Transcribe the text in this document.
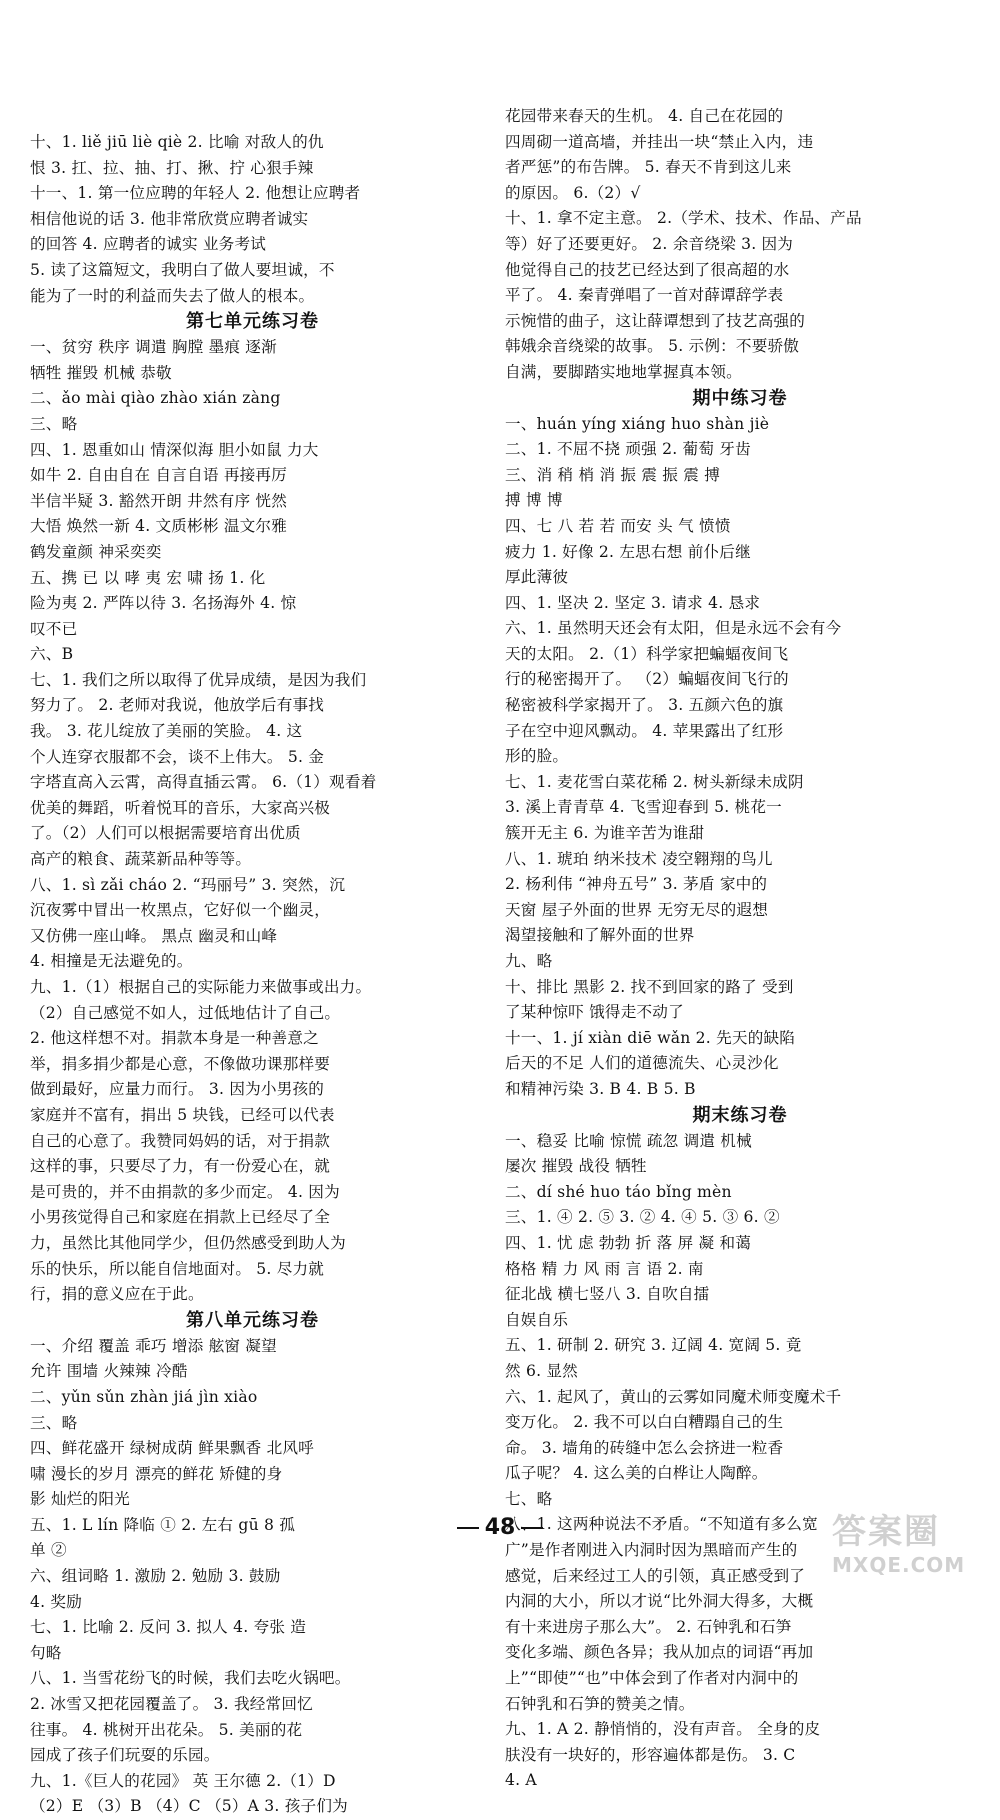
十、1. liě jiū liè qiè 2. 比喻 对敌人的仇
恨 3. 扛、拉、抽、打、揪、拧 心狠手辣
十一、1. 第一位应聘的年轻人 2. 他想让应聘者
相信他说的话 3. 他非常欣赏应聘者诚实
的回答 4. 应聘者的诚实 业务考试
5. 读了这篇短文，我明白了做人要坦诚，不
能为了一时的利益而失去了做人的根本。
第七单元练习卷
一、贫穷 秩序 调遣 胸膛 墨痕 逐渐
牺牲 摧毁 机械 恭敬
二、ǎo mài qiào zhào xián zàng
三、略
四、1. 恩重如山 情深似海 胆小如鼠 力大
如牛 2. 自由自在 自言自语 再接再厉
半信半疑 3. 豁然开朗 井然有序 恍然
大悟 焕然一新 4. 文质彬彬 温文尔雅
鹤发童颜 神采奕奕
五、携 已 以 哮 夷 宏 啸 扬 1. 化
险为夷 2. 严阵以待 3. 名扬海外 4. 惊
叹不已
六、B
七、1. 我们之所以取得了优异成绩，是因为我们
努力了。 2. 老师对我说，他放学后有事找
我。 3. 花儿绽放了美丽的笑脸。 4. 这
个人连穿衣服都不会，谈不上伟大。 5. 金
字塔直高入云霄，高得直插云霄。 6.（1）观看着
优美的舞蹈，听着悦耳的音乐，大家高兴极
了。（2）人们可以根据需要培育出优质
高产的粮食、蔬菜新品种等等。
八、1. sì zǎi cháo 2. “玛丽号” 3. 突然，沉
沉夜雾中冒出一枚黑点，它好似一个幽灵，
又仿佛一座山峰。 黑点 幽灵和山峰
4. 相撞是无法避免的。
九、1.（1）根据自己的实际能力来做事或出力。
（2）自己感觉不如人，过低地估计了自己。
2. 他这样想不对。捐款本身是一种善意之
举，捐多捐少都是心意，不像做功课那样要
做到最好，应量力而行。 3. 因为小男孩的
家庭并不富有，捐出 5 块钱，已经可以代表
自己的心意了。我赞同妈妈的话，对于捐款
这样的事，只要尽了力，有一份爱心在，就
是可贵的，并不由捐款的多少而定。 4. 因为
小男孩觉得自己和家庭在捐款上已经尽了全
力，虽然比其他同学少，但仍然感受到助人为
乐的快乐，所以能自信地面对。 5. 尽力就
行，捐的意义应在于此。
第八单元练习卷
一、介绍 覆盖 乖巧 增添 舷窗 凝望
允许 围墙 火辣辣 冷酷
二、yǔn sǔn zhàn jiá jìn xiào
三、略
四、鲜花盛开 绿树成荫 鲜果飘香 北风呼
啸 漫长的岁月 漂亮的鲜花 矫健的身
影 灿烂的阳光
五、1. L lín 降临 ① 2. 左右 gū 8 孤
单 ②
六、组词略 1. 激励 2. 勉励 3. 鼓励
4. 奖励
七、1. 比喻 2. 反问 3. 拟人 4. 夸张 造
句略
八、1. 当雪花纷飞的时候，我们去吃火锅吧。
2. 冰雪又把花园覆盖了。 3. 我经常回忆
往事。 4. 桃树开出花朵。 5. 美丽的花
园成了孩子们玩耍的乐园。
九、1.《巨人的花园》 英 王尔德 2.（1）D
（2）E （3）B （4）C （5）A 3. 孩子们为
花园带来春天的生机。 4. 自己在花园的
四周砌一道高墙，并挂出一块“禁止入内，违
者严惩”的布告牌。 5. 春天不肯到这儿来
的原因。 6.（2）√
十、1. 拿不定主意。 2.（学术、技术、作品、产品
等）好了还要更好。 2. 余音绕梁 3. 因为
他觉得自己的技艺已经达到了很高超的水
平了。 4. 秦青弹唱了一首对薛谭辞学表
示惋惜的曲子，这让薛谭想到了技艺高强的
韩娥余音绕梁的故事。 5. 示例：不要骄傲
自满，要脚踏实地地掌握真本领。
期中练习卷
一、huán yíng xiáng huo shàn jiè
二、1. 不屈不挠 顽强 2. 葡萄 牙齿
三、消 稍 梢 消 振 震 振 震 搏
搏 博 博
四、七 八 若 若 而安 头 气 愤愤
疲力 1. 好像 2. 左思右想 前仆后继
厚此薄彼
四、1. 坚决 2. 坚定 3. 请求 4. 恳求
六、1. 虽然明天还会有太阳，但是永远不会有今
天的太阳。 2.（1）科学家把蝙蝠夜间飞
行的秘密揭开了。 （2）蝙蝠夜间飞行的
秘密被科学家揭开了。 3. 五颜六色的旗
子在空中迎风飘动。 4. 苹果露出了红形
形的脸。
七、1. 麦花雪白菜花稀 2. 树头新绿未成阴
3. 溪上青青草 4. 飞雪迎春到 5. 桃花一
簇开无主 6. 为谁辛苦为谁甜
八、1. 琥珀 纳米技术 凌空翱翔的鸟儿
2. 杨利伟 “神舟五号” 3. 茅盾 家中的
天窗 屋子外面的世界 无穷无尽的遐想
渴望接触和了解外面的世界
九、略
十、排比 黑影 2. 找不到回家的路了 受到
了某种惊吓 饿得走不动了
十一、1. jí xiàn diē wǎn 2. 先天的缺陷
后天的不足 人们的道德流失、心灵沙化
和精神污染 3. B 4. B 5. B
期末练习卷
一、稳妥 比喻 惊慌 疏忽 调遣 机械
屡次 摧毁 战役 牺牲
二、dí shé huo táo bǐng mèn
三、1. ④ 2. ⑤ 3. ② 4. ④ 5. ③ 6. ②
四、1. 忧 虑 勃勃 折 落 屏 凝 和蔼
格格 精 力 风 雨 言 语 2. 南
征北战 横七竖八 3. 自吹自擂
自娱自乐
五、1. 研制 2. 研究 3. 辽阔 4. 宽阔 5. 竟
然 6. 显然
六、1. 起风了，黄山的云雾如同魔术师变魔术千
变万化。 2. 我不可以白白糟蹋自己的生
命。 3. 墙角的砖缝中怎么会挤进一粒香
瓜子呢？ 4. 这么美的白桦让人陶醉。
七、略
八、1. 这两种说法不矛盾。“不知道有多么宽
广”是作者刚进入内洞时因为黑暗而产生的
感觉，后来经过工人的引领，真正感受到了
内洞的大小，所以才说“比外洞大得多，大概
有十来进房子那么大”。 2. 石钟乳和石笋
变化多端、颜色各异；我从加点的词语“再加
上”“即使”“也”中体会到了作者对内洞中的
石钟乳和石笋的赞美之情。
九、1. A 2. 静悄悄的，没有声音。 全身的皮
肤没有一块好的，形容遍体都是伤。 3. C
4. A
48	答案圈
MXQE.COM
